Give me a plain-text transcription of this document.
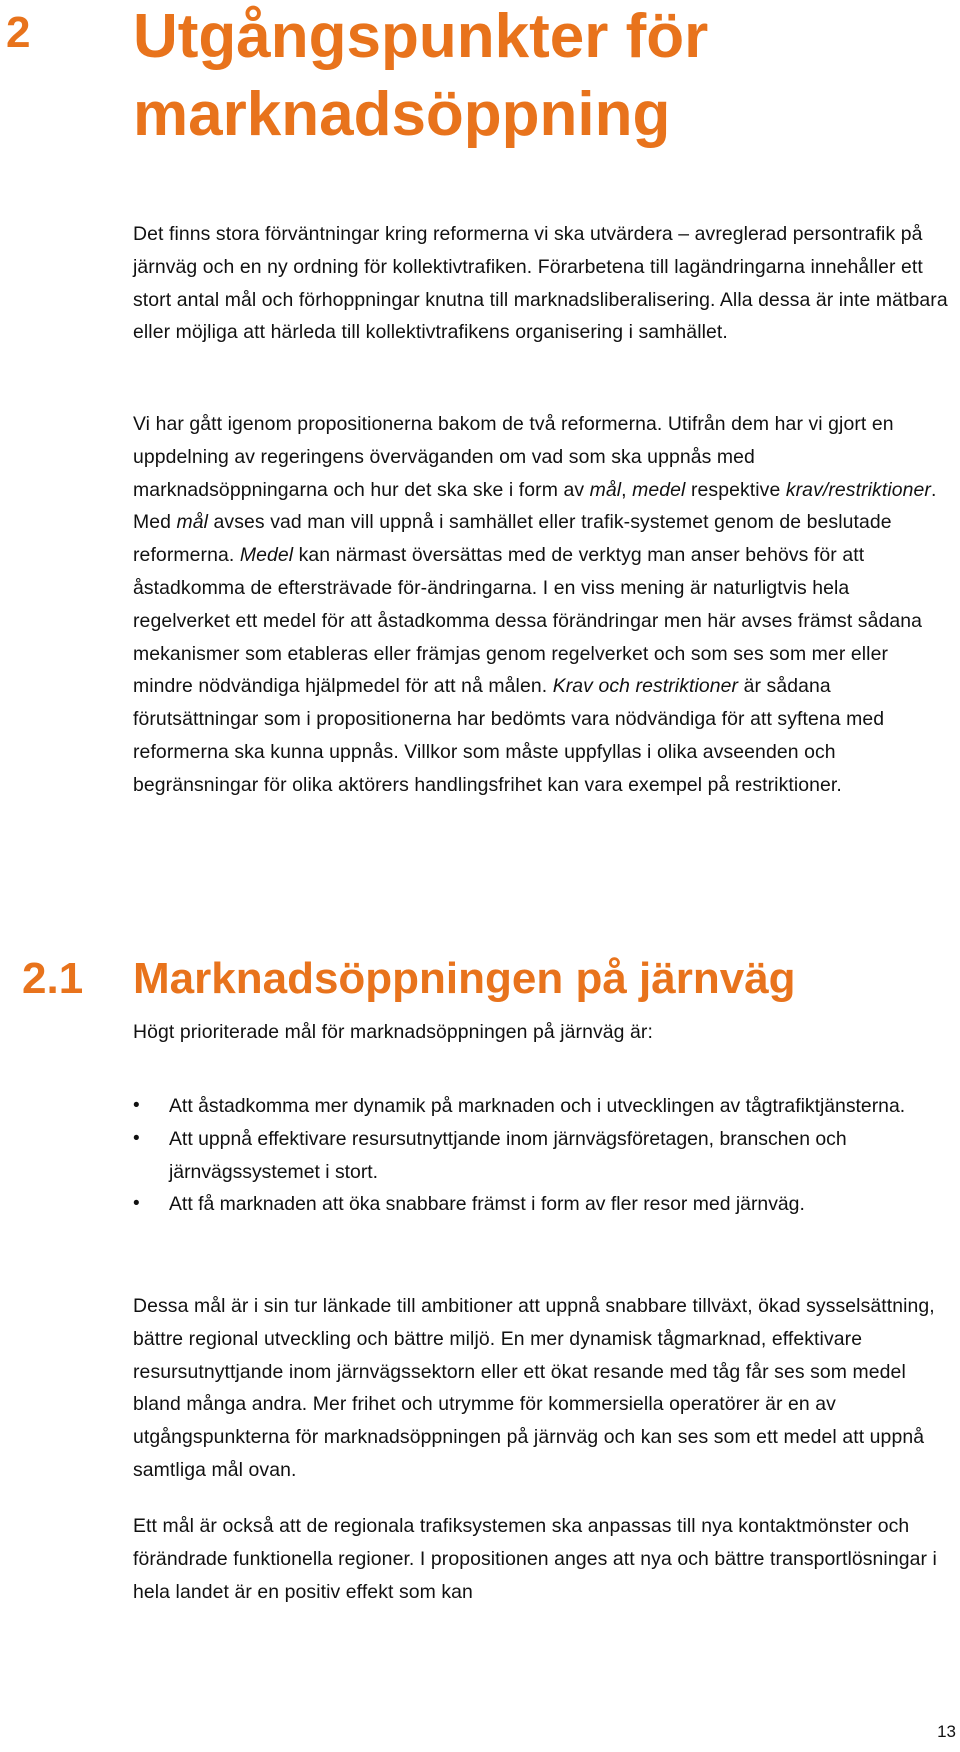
2 Utgångspunkter för marknadsöppning

Det finns stora förväntningar kring reformerna vi ska utvärdera – avreglerad persontrafik på järnväg och en ny ordning för kollektivtrafiken. Förarbetena till lagändringarna innehåller ett stort antal mål och förhoppningar knutna till marknadsliberalisering. Alla dessa är inte mätbara eller möjliga att härleda till kollektivtrafikens organisering i samhället.

Vi har gått igenom propositionerna bakom de två reformerna. Utifrån dem har vi gjort en uppdelning av regeringens överväganden om vad som ska uppnås med marknadsöppningarna och hur det ska ske i form av mål, medel respektive krav/restriktioner. Med mål avses vad man vill uppnå i samhället eller trafik-systemet genom de beslutade reformerna. Medel kan närmast översättas med de verktyg man anser behövs för att åstadkomma de eftersträvade för-ändringarna. I en viss mening är naturligtvis hela regelverket ett medel för att åstadkomma dessa förändringar men här avses främst sådana mekanismer som etableras eller främjas genom regelverket och som ses som mer eller mindre nödvändiga hjälpmedel för att nå målen. Krav och restriktioner är sådana förutsättningar som i propositionerna har bedömts vara nödvändiga för att syftena med reformerna ska kunna uppnås. Villkor som måste uppfyllas i olika avseenden och begränsningar för olika aktörers handlingsfrihet kan vara exempel på restriktioner.

2.1 Marknadsöppningen på järnväg

Högt prioriterade mål för marknadsöppningen på järnväg är:

• Att åstadkomma mer dynamik på marknaden och i utvecklingen av tågtrafiktjänsterna.
• Att uppnå effektivare resursutnyttjande inom järnvägsföretagen, branschen och järnvägssystemet i stort.
• Att få marknaden att öka snabbare främst i form av fler resor med järnväg.

Dessa mål är i sin tur länkade till ambitioner att uppnå snabbare tillväxt, ökad sysselsättning, bättre regional utveckling och bättre miljö. En mer dynamisk tågmarknad, effektivare resursutnyttjande inom järnvägssektorn eller ett ökat resande med tåg får ses som medel bland många andra. Mer frihet och utrymme för kommersiella operatörer är en av utgångspunkterna för marknadsöppningen på järnväg och kan ses som ett medel att uppnå samtliga mål ovan.

Ett mål är också att de regionala trafiksystemen ska anpassas till nya kontaktmönster och förändrade funktionella regioner. I propositionen anges att nya och bättre transportlösningar i hela landet är en positiv effekt som kan

13
